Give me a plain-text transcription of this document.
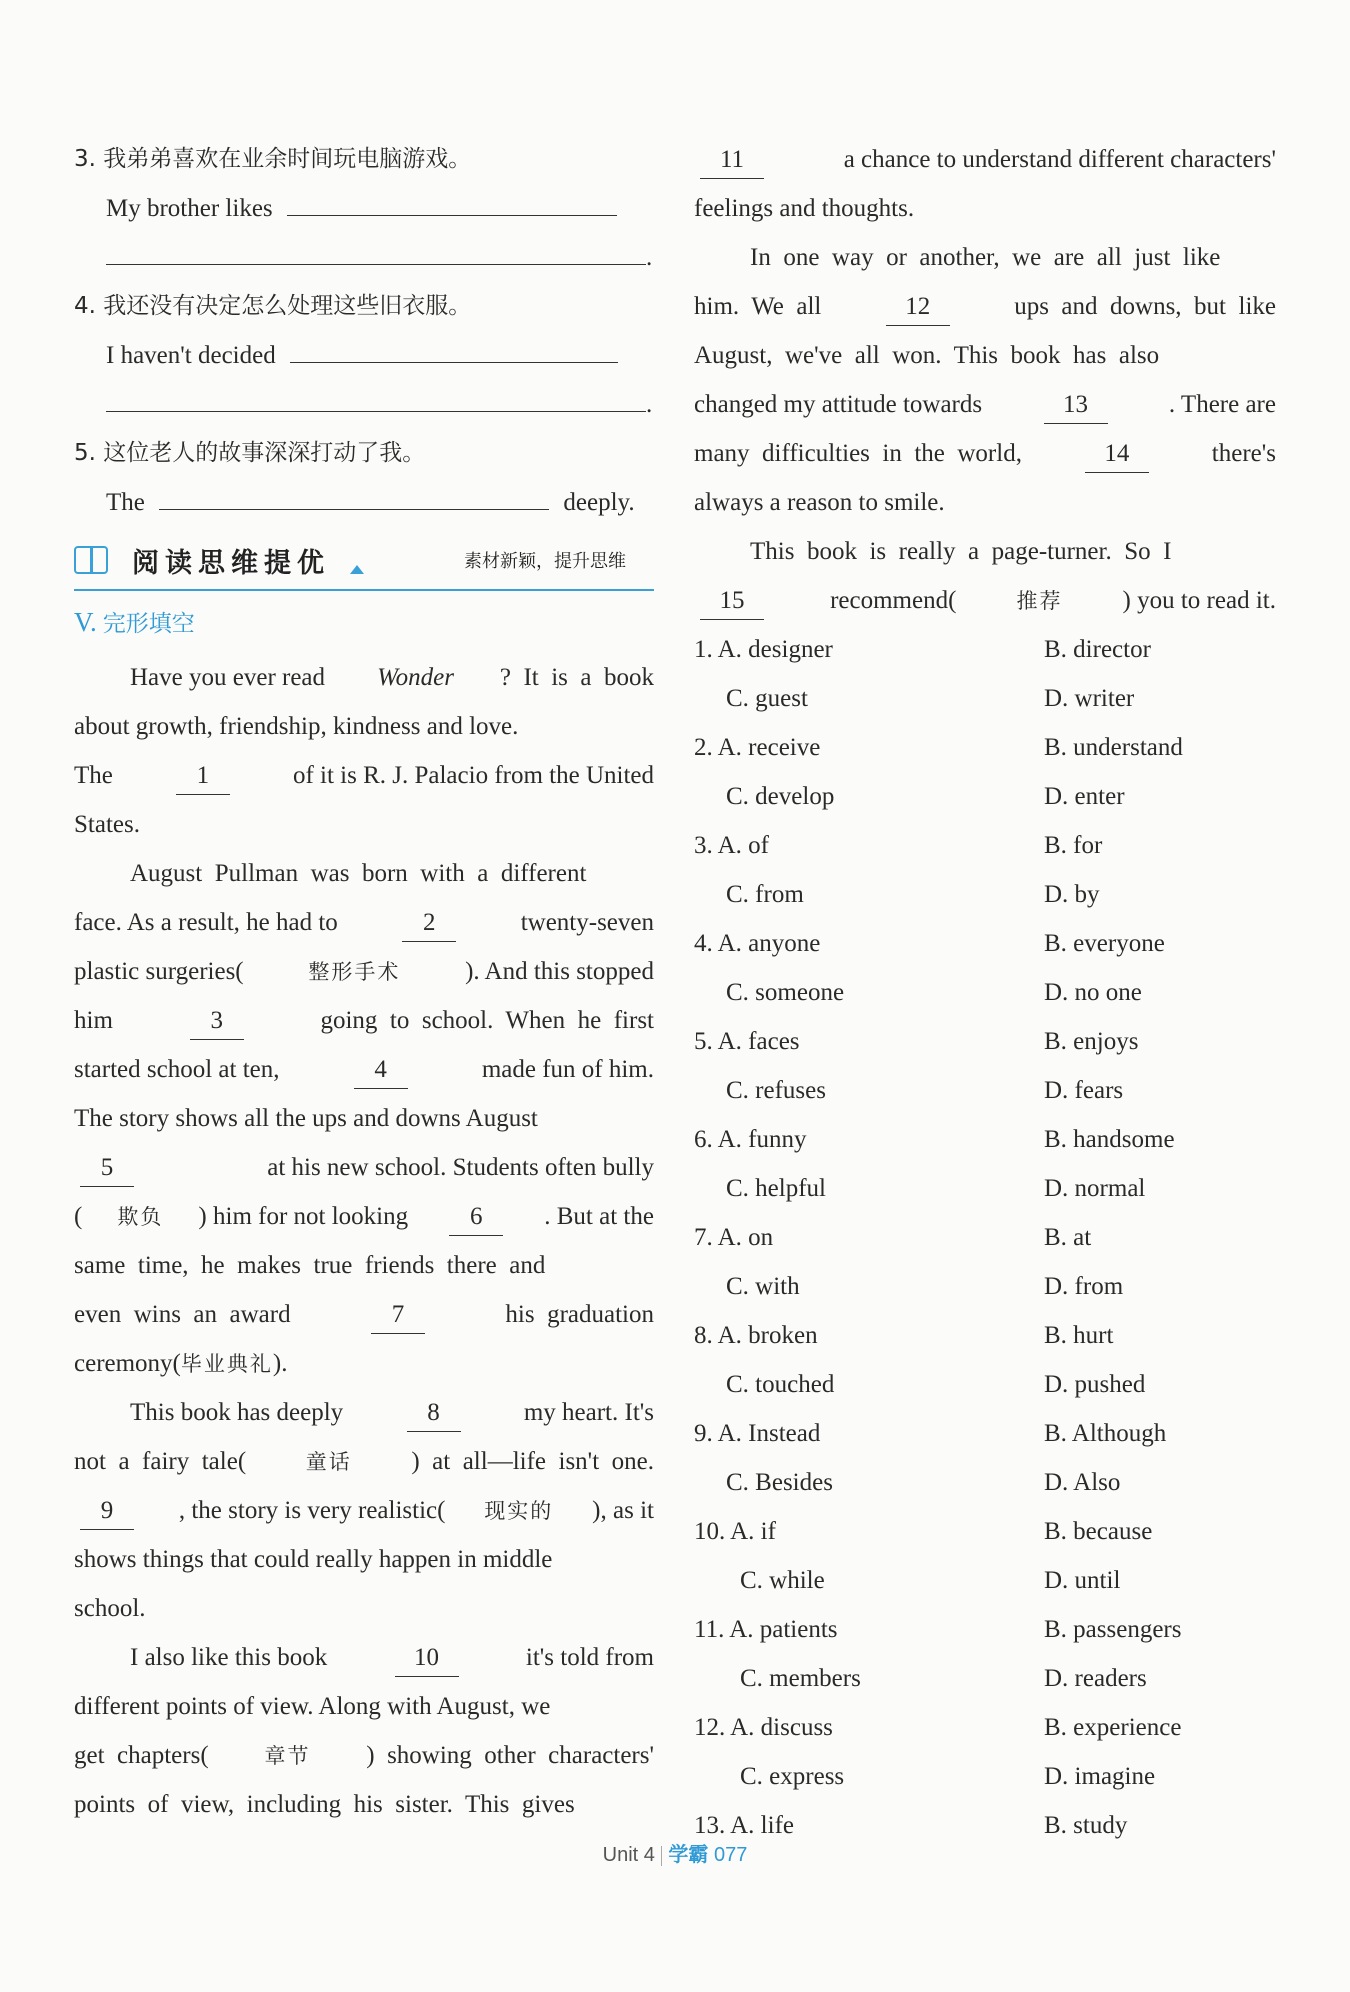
3. 我弟弟喜欢在业余时间玩电脑游戏。
My brother likes
.
4. 我还没有决定怎么处理这些旧衣服。
I haven't decided
.
5. 这位老人的故事深深打动了我。
The	deeply.
阅读思维提优	素材新颖，提升思维
V. 完形填空
Have you ever read Wonder ?  It  is  a  book
about growth, friendship, kindness and love.
The	1	of it is R. J. Palacio from the United
States.
August  Pullman  was  born  with  a  different
face. As a result, he had to	2	twenty-seven
plastic surgeries(	整形手术	). And this stopped
him	3	going  to  school.  When  he  first
started school at ten,	4	made fun of him.
The story shows all the ups and downs August
5	at his new school. Students often bully
( 欺负 ) him for not looking	6	. But at the
same  time,  he  makes  true  friends  there  and
even  wins  an  award	7	his  graduation
ceremony(毕业典礼).
This book has deeply	8	my heart. It's
not  a  fairy  tale(	童话 )  at  all—life  isn't  one.
9	, the story is very realistic( 现实的 ), as it
shows things that could really happen in middle
school.
I also like this book	10	it's told from
different points of view. Along with August, we
get  chapters(	章节 )  showing  other  characters'
points  of  view,  including  his  sister.  This  gives
11	a chance to understand different characters'
feelings and thoughts.
In  one  way  or  another,  we  are  all  just  like
him.  We  all	12	ups  and  downs,  but  like
August,  we've  all  won.  This  book  has  also
changed my attitude towards	13	. There are
many  difficulties  in  the  world,	14	there's
always a reason to smile.
This  book  is  really  a  page-turner.  So  I
15	recommend(	推荐 ) you to read it.
1. A. designer	B. director
C. guest	D. writer
2. A. receive	B. understand
C. develop	D. enter
3. A. of	B. for
C. from	D. by
4. A. anyone	B. everyone
C. someone	D. no one
5. A. faces	B. enjoys
C. refuses	D. fears
6. A. funny	B. handsome
C. helpful	D. normal
7. A. on	B. at
C. with	D. from
8. A. broken	B. hurt
C. touched	D. pushed
9. A. Instead	B. Although
C. Besides	D. Also
10. A. if	B. because
C. while	D. until
11. A. patients	B. passengers
C. members	D. readers
12. A. discuss	B. experience
C. express	D. imagine
13. A. life	B. study
Unit 4 学霸 077
